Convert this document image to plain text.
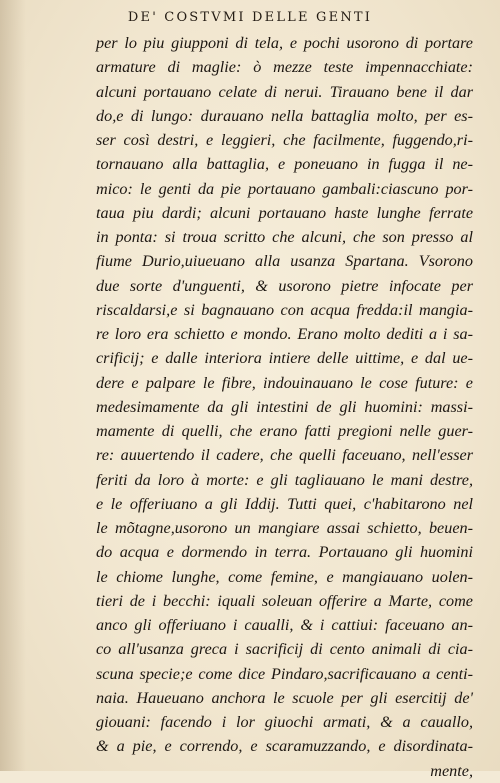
DE' COSTVMI DELLE GENTI
per lo piu giupponi di tela, e pochi usorono di portare
armature di maglie: ò mezze teste impennacchiate:
alcuni portauano celate di nerui. Tirauano bene il dar
do,e di lungo: durauano nella battaglia molto, per es-
ser così destri, e leggieri, che facilmente, fuggendo,ri-
tornauano alla battaglia, e poneuano in fugga il ne-
mico: le genti da pie portauano gambali:ciascuno por-
taua piu dardi; alcuni portauano haste lunghe ferrate
in ponta: si troua scritto che alcuni, che son presso al
fiume Durio,uiueuano alla usanza Spartana. Vsorono
due sorte d'unguenti, & usorono pietre infocate per
riscaldarsi,e si bagnauano con acqua fredda:il mangia-
re loro era schietto e mondo. Erano molto dediti a i sa-
crificij; e dalle interiora intiere delle uittime, e dal ue-
dere e palpare le fibre, indouinauano le cose future: e
medesimamente da gli intestini de gli huomini: massi-
mamente di quelli, che erano fatti pregioni nelle guer-
re: auuertendo il cadere, che quelli faceuano, nell'esser
feriti da loro à morte: e gli tagliauano le mani destre,
e le offeriuano a gli Iddij. Tutti quei, c'habitarono nel
le mõtagne,usorono un mangiare assai schietto, beuen-
do acqua e dormendo in terra. Portauano gli huomini
le chiome lunghe, come femine, e mangiauano uolen-
tieri de i becchi: iquali soleuan offerire a Marte, come
anco gli offeriuano i caualli, & i cattiui: faceuano an-
co all'usanza greca i sacrificij di cento animali di cia-
scuna specie;e come dice Pindaro,sacrificauano a centi-
naia. Haueuano anchora le scuole per gli esercitij de'
giouani: facendo i lor giuochi armati, & a cauallo,
& a pie, e correndo, e scaramuzzando, e disordinata-
mente,
